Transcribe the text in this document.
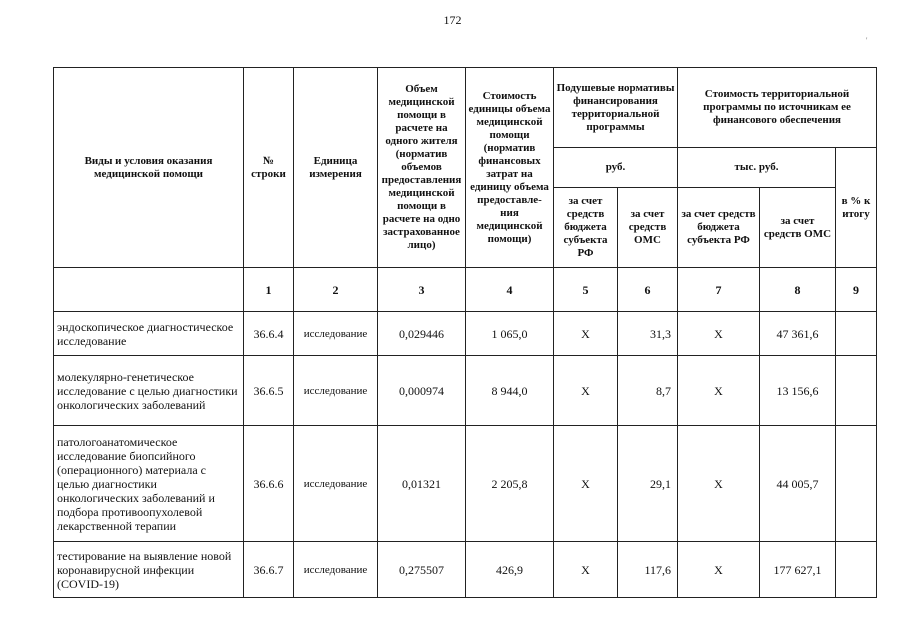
172
'
Виды и условия оказания медицинской помощи	№ строки	Единица измерения	Объем медицинской помощи в расчете на одного жителя (норматив объемов предоставления медицинской помощи в расчете на одно застрахованное лицо)	Стоимость единицы объема медицинской помощи (норматив финансовых затрат на единицу объема предоставле-ния медицинской помощи)	Подушевые нормативы финансирования территориальной программы		Стоимость территориальной программы по источникам ее финансового обеспечения		
					руб.		тыс. руб.		в % к итогу
					за счет средств бюджета субъекта РФ	за счет средств ОМС	за счет средств бюджета субъекта РФ	за счет средств ОМС	
	1	2	3	4	5	6	7	8	9
эндоскопическое диагностическое исследование	36.6.4	исследование	0,029446	1 065,0	Х	31,3	Х	47 361,6	
молекулярно-генетическое исследование с целью диагностики онкологических заболеваний	36.6.5	исследование	0,000974	8 944,0	Х	8,7	Х	13 156,6	
патологоанатомическое исследование биопсийного (операционного) материала с целью диагностики онкологических заболеваний и подбора противоопухолевой лекарственной терапии	36.6.6	исследование	0,01321	2 205,8	Х	29,1	Х	44 005,7	
тестирование на выявление новой коронавирусной инфекции (COVID-19)	36.6.7	исследование	0,275507	426,9	Х	117,6	Х	177 627,1	
